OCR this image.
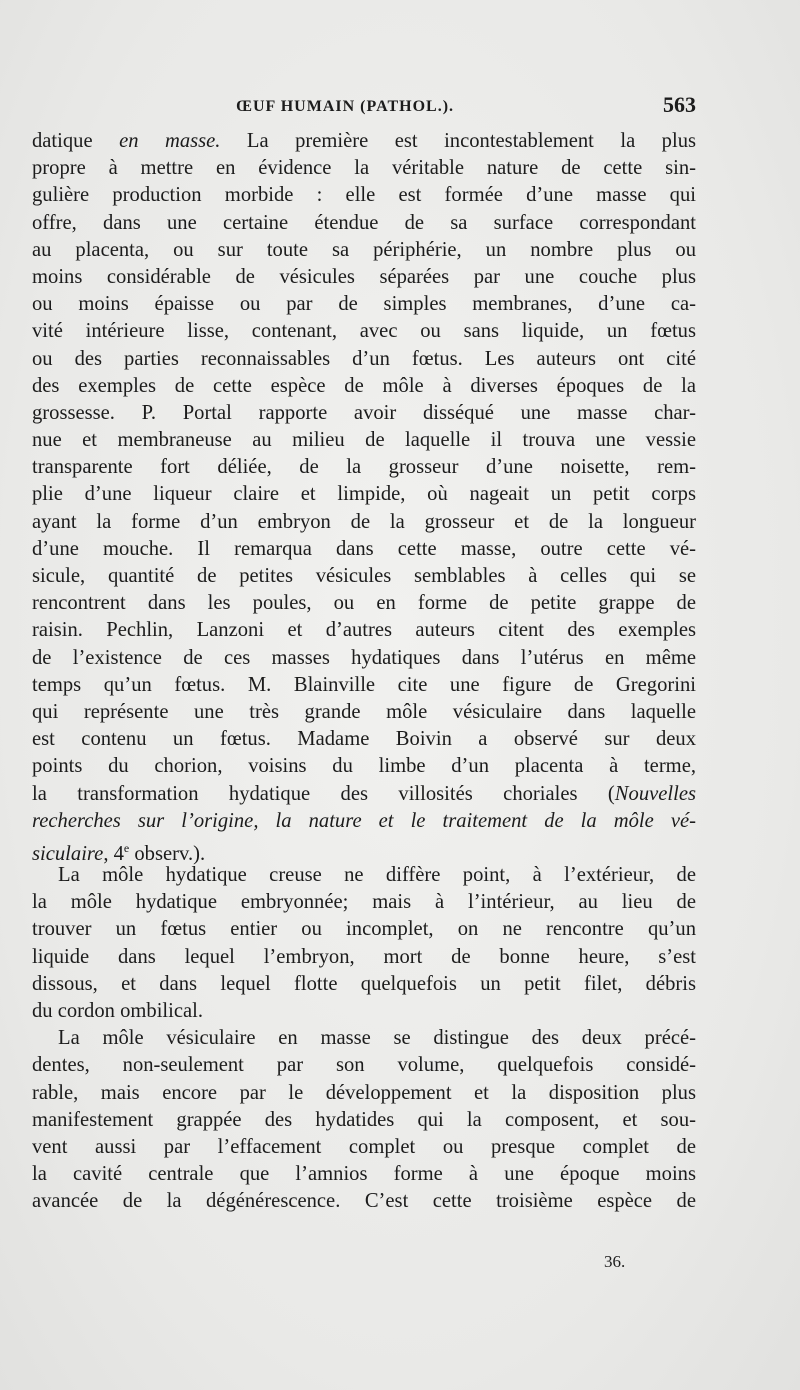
ŒUF HUMAIN (PATHOL.).	563
datique en masse. La première est incontestablement la plus
propre à mettre en évidence la véritable nature de cette sin-
gulière production morbide : elle est formée d’une masse qui
offre, dans une certaine étendue de sa surface correspondant
au placenta, ou sur toute sa périphérie, un nombre plus ou
moins considérable de vésicules séparées par une couche plus
ou moins épaisse ou par de simples membranes, d’une ca-
vité intérieure lisse, contenant, avec ou sans liquide, un fœtus
ou des parties reconnaissables d’un fœtus. Les auteurs ont cité
des exemples de cette espèce de môle à diverses époques de la
grossesse. P. Portal rapporte avoir disséqué une masse char-
nue et membraneuse au milieu de laquelle il trouva une vessie
transparente fort déliée, de la grosseur d’une noisette, rem-
plie d’une liqueur claire et limpide, où nageait un petit corps
ayant la forme d’un embryon de la grosseur et de la longueur
d’une mouche. Il remarqua dans cette masse, outre cette vé-
sicule, quantité de petites vésicules semblables à celles qui se
rencontrent dans les poules, ou en forme de petite grappe de
raisin. Pechlin, Lanzoni et d’autres auteurs citent des exemples
de l’existence de ces masses hydatiques dans l’utérus en même
temps qu’un fœtus. M. Blainville cite une figure de Gregorini
qui représente une très grande môle vésiculaire dans laquelle
est contenu un fœtus. Madame Boivin a observé sur deux
points du chorion, voisins du limbe d’un placenta à terme,
la transformation hydatique des villosités choriales (Nouvelles
recherches sur l’origine, la nature et le traitement de la môle vé-
siculaire, 4e observ.).
La môle hydatique creuse ne diffère point, à l’extérieur, de
la môle hydatique embryonnée; mais à l’intérieur, au lieu de
trouver un fœtus entier ou incomplet, on ne rencontre qu’un
liquide dans lequel l’embryon, mort de bonne heure, s’est
dissous, et dans lequel flotte quelquefois un petit filet, débris
du cordon ombilical.
La môle vésiculaire en masse se distingue des deux précé-
dentes, non-seulement par son volume, quelquefois considé-
rable, mais encore par le développement et la disposition plus
manifestement grappée des hydatides qui la composent, et sou-
vent aussi par l’effacement complet ou presque complet de
la cavité centrale que l’amnios forme à une époque moins
avancée de la dégénérescence. C’est cette troisième espèce de
36.
